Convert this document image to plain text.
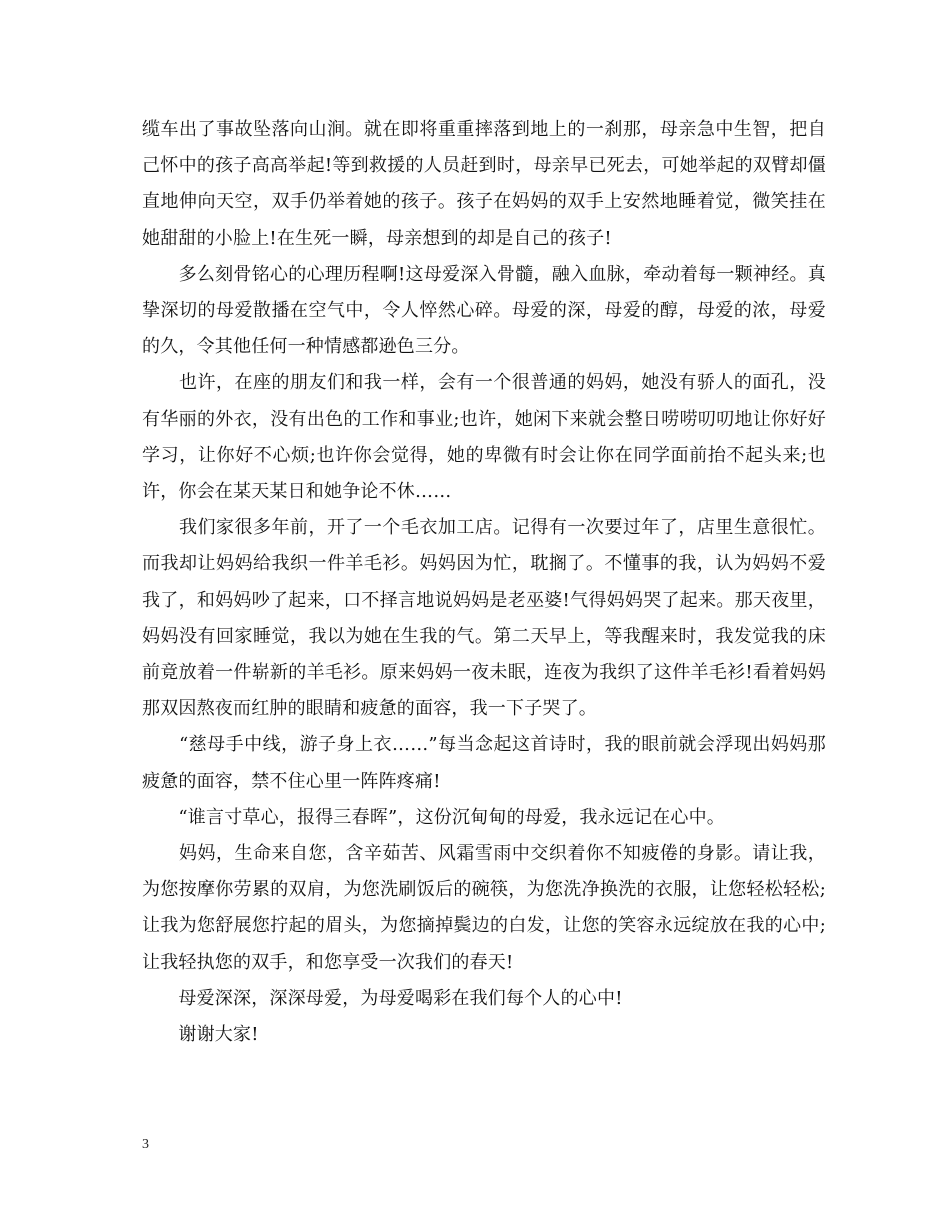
缆车出了事故坠落向山涧。就在即将重重摔落到地上的一刹那，母亲急中生智，把自己怀中的孩子高高举起!等到救援的人员赶到时，母亲早已死去，可她举起的双臂却僵直地伸向天空，双手仍举着她的孩子。孩子在妈妈的双手上安然地睡着觉，微笑挂在她甜甜的小脸上!在生死一瞬，母亲想到的却是自己的孩子!

　　多么刻骨铭心的心理历程啊!这母爱深入骨髓，融入血脉，牵动着每一颗神经。真挚深切的母爱散播在空气中，令人悴然心碎。母爱的深，母爱的醇，母爱的浓，母爱的久，令其他任何一种情感都逊色三分。

　　也许，在座的朋友们和我一样，会有一个很普通的妈妈，她没有骄人的面孔，没有华丽的外衣，没有出色的工作和事业;也许，她闲下来就会整日唠唠叨叨地让你好好学习，让你好不心烦;也许你会觉得，她的卑微有时会让你在同学面前抬不起头来;也许，你会在某天某日和她争论不休……

　　我们家很多年前，开了一个毛衣加工店。记得有一次要过年了，店里生意很忙。而我却让妈妈给我织一件羊毛衫。妈妈因为忙，耽搁了。不懂事的我，认为妈妈不爱我了，和妈妈吵了起来，口不择言地说妈妈是老巫婆!气得妈妈哭了起来。那天夜里，妈妈没有回家睡觉，我以为她在生我的气。第二天早上，等我醒来时，我发觉我的床前竟放着一件崭新的羊毛衫。原来妈妈一夜未眠，连夜为我织了这件羊毛衫!看着妈妈那双因熬夜而红肿的眼睛和疲惫的面容，我一下子哭了。

　　“慈母手中线，游子身上衣……”每当念起这首诗时，我的眼前就会浮现出妈妈那疲惫的面容，禁不住心里一阵阵疼痛!

　　“谁言寸草心，报得三春晖”，这份沉甸甸的母爱，我永远记在心中。

　　妈妈，生命来自您，含辛茹苦、风霜雪雨中交织着你不知疲倦的身影。请让我，为您按摩你劳累的双肩，为您洗刷饭后的碗筷，为您洗净换洗的衣服，让您轻松轻松;让我为您舒展您拧起的眉头，为您摘掉鬓边的白发，让您的笑容永远绽放在我的心中;让我轻执您的双手，和您享受一次我们的春天!

　　母爱深深，深深母爱，为母爱喝彩在我们每个人的心中!

　　谢谢大家!

3
